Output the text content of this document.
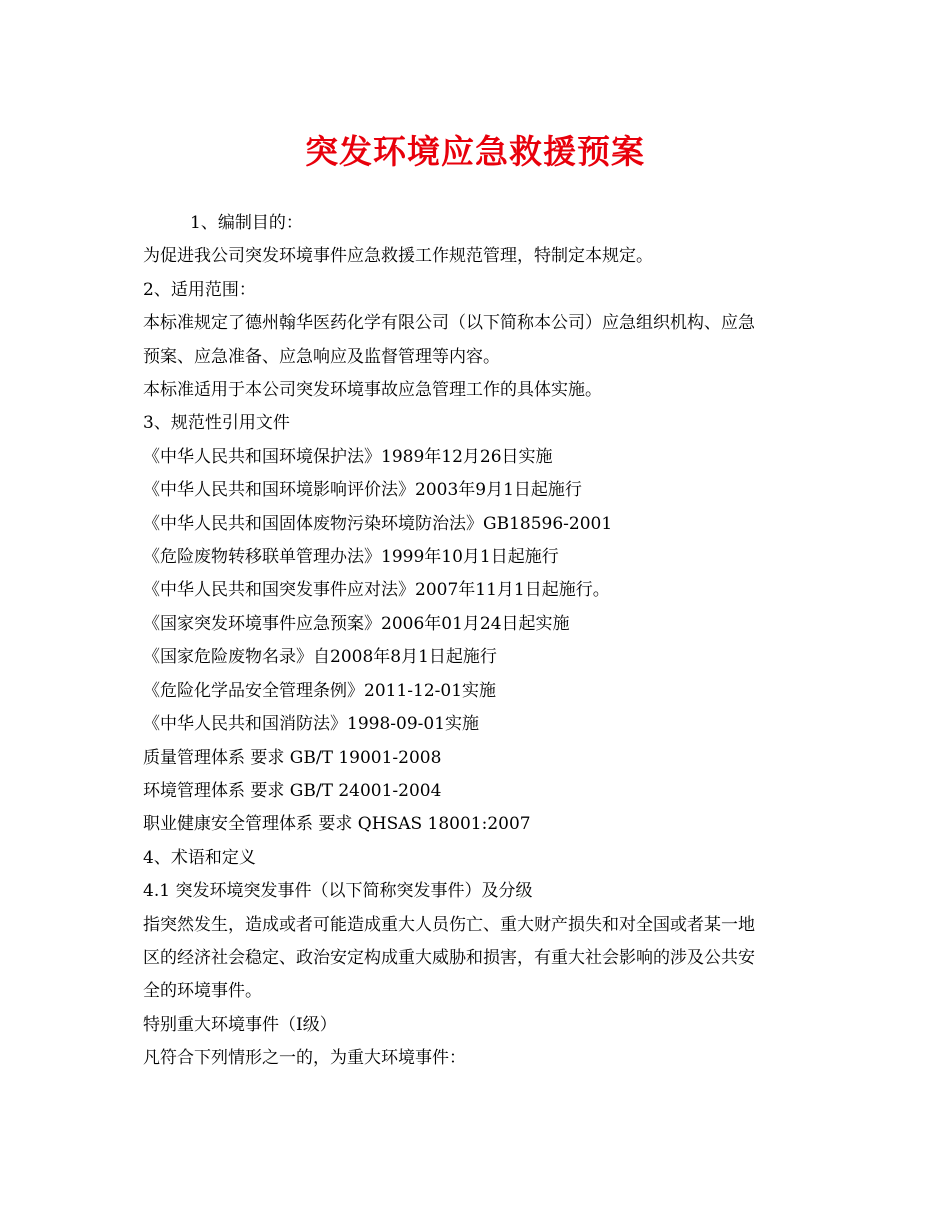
突发环境应急救援预案
1、编制目的：
为促进我公司突发环境事件应急救援工作规范管理，特制定本规定。
2、适用范围：
本标准规定了德州翰华医药化学有限公司（以下简称本公司）应急组织机构、应急
预案、应急准备、应急响应及监督管理等内容。
本标准适用于本公司突发环境事故应急管理工作的具体实施。
3、规范性引用文件
《中华人民共和国环境保护法》1989年12月26日实施
《中华人民共和国环境影响评价法》2003年9月1日起施行
《中华人民共和国固体废物污染环境防治法》GB18596-2001
《危险废物转移联单管理办法》1999年10月1日起施行
《中华人民共和国突发事件应对法》2007年11月1日起施行。
《国家突发环境事件应急预案》2006年01月24日起实施
《国家危险废物名录》自2008年8月1日起施行
《危险化学品安全管理条例》2011-12-01实施
《中华人民共和国消防法》1998-09-01实施
质量管理体系 要求 GB/T 19001-2008
环境管理体系 要求 GB/T 24001-2004
职业健康安全管理体系 要求 QHSAS 18001:2007
4、术语和定义
4.1 突发环境突发事件（以下简称突发事件）及分级
指突然发生，造成或者可能造成重大人员伤亡、重大财产损失和对全国或者某一地
区的经济社会稳定、政治安定构成重大威胁和损害，有重大社会影响的涉及公共安
全的环境事件。
特别重大环境事件（Ⅰ级）
凡符合下列情形之一的，为重大环境事件：
